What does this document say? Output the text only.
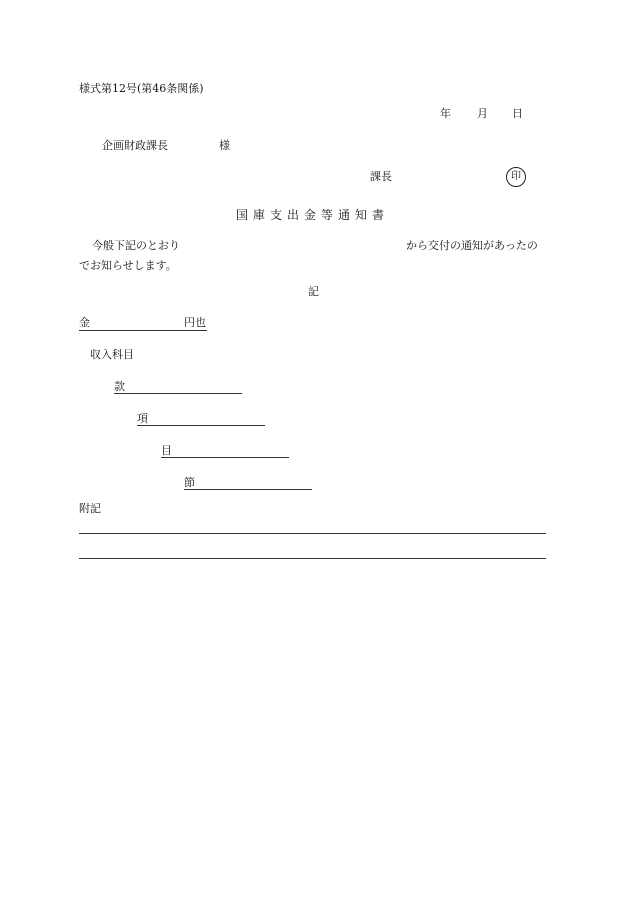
様式第12号(第46条関係)
年 月 日
企画財政課長	様
課長	印
国庫支出金等通知書
今般下記のとおり	から交付の通知があったの
でお知らせします。
記
金	円也
収入科目
款
項
目
節
附記
